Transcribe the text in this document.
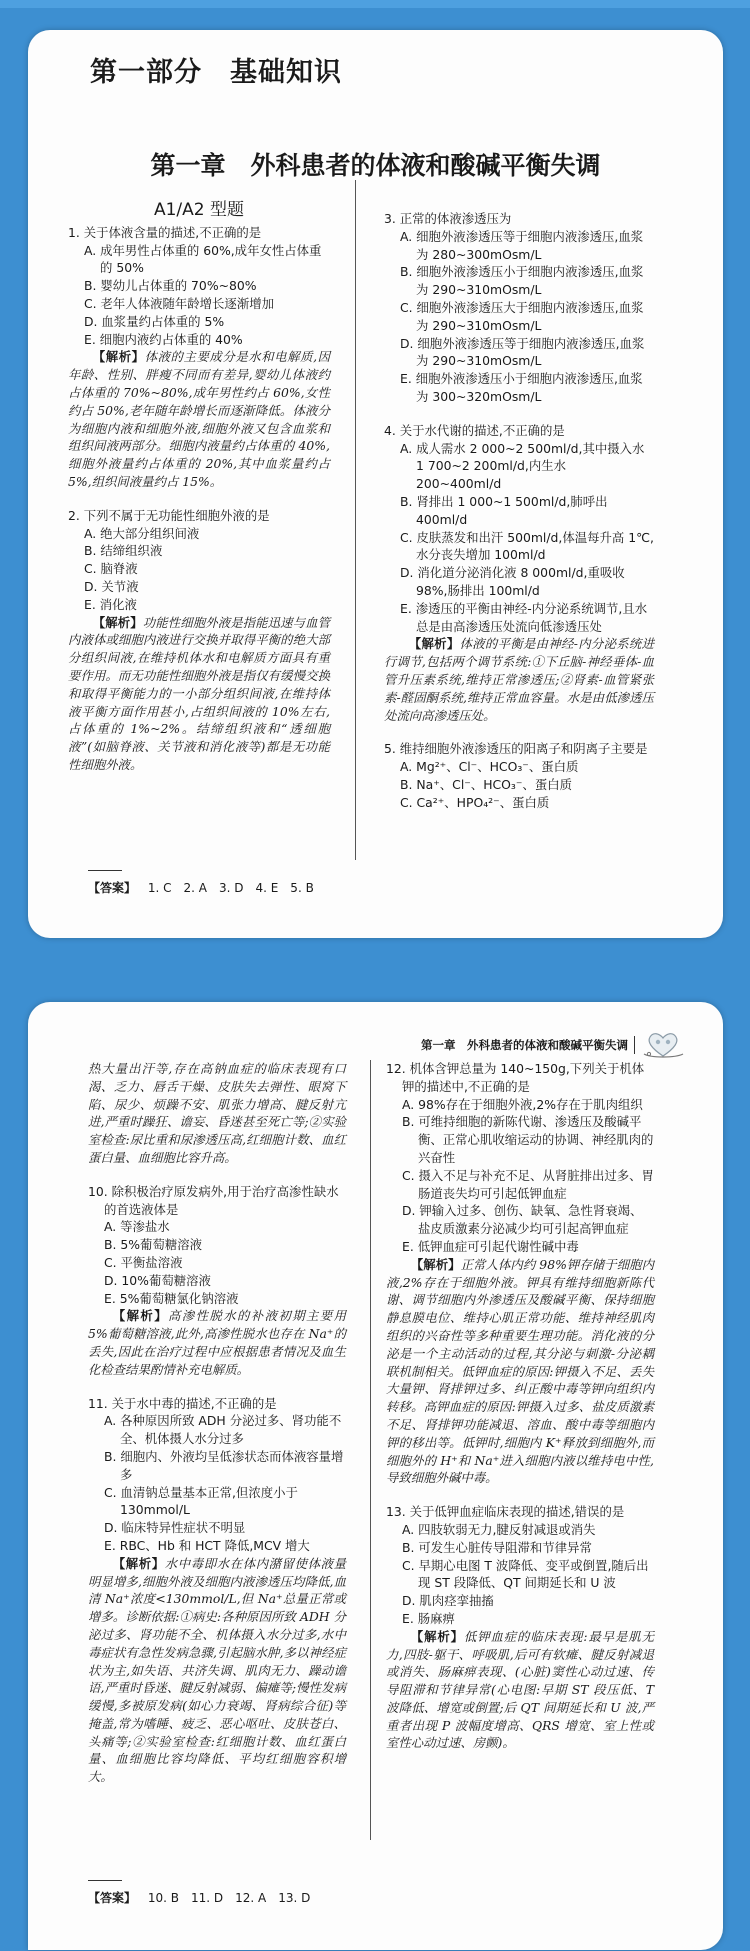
第一部分　基础知识
第一章　外科患者的体液和酸碱平衡失调
A1/A2 型题
1. 关于体液含量的描述,不正确的是
A. 成年男性占体重的 60%,成年女性占体重的 50%
B. 婴幼儿占体重的 70%~80%
C. 老年人体液随年龄增长逐渐增加
D. 血浆量约占体重的 5%
E. 细胞内液约占体重的 40%
【解析】体液的主要成分是水和电解质,因年龄、性别、胖瘦不同而有差异,婴幼儿体液约占体重的 70%~80%,成年男性约占 60%,女性约占 50%,老年随年龄增长而逐渐降低。体液分为细胞内液和细胞外液,细胞外液又包含血浆和组织间液两部分。细胞内液量约占体重的 40%,细胞外液量约占体重的 20%,其中血浆量约占 5%,组织间液量约占 15%。
2. 下列不属于无功能性细胞外液的是
A. 绝大部分组织间液
B. 结缔组织液
C. 脑脊液
D. 关节液
E. 消化液
【解析】功能性细胞外液是指能迅速与血管内液体或细胞内液进行交换并取得平衡的绝大部分组织间液,在维持机体水和电解质方面具有重要作用。而无功能性细胞外液是指仅有缓慢交换和取得平衡能力的一小部分组织间液,在维持体液平衡方面作用甚小,占组织间液的 10%左右,占体重的 1%~2%。结缔组织液和“透细胞液”(如脑脊液、关节液和消化液等)都是无功能性细胞外液。
3. 正常的体液渗透压为
A. 细胞外液渗透压等于细胞内液渗透压,血浆为 280~300mOsm/L
B. 细胞外液渗透压小于细胞内液渗透压,血浆为 290~310mOsm/L
C. 细胞外液渗透压大于细胞内液渗透压,血浆为 290~310mOsm/L
D. 细胞外液渗透压等于细胞内液渗透压,血浆为 290~310mOsm/L
E. 细胞外液渗透压小于细胞内液渗透压,血浆为 300~320mOsm/L
4. 关于水代谢的描述,不正确的是
A. 成人需水 2 000~2 500ml/d,其中摄入水 1 700~2 200ml/d,内生水 200~400ml/d
B. 肾排出 1 000~1 500ml/d,肺呼出 400ml/d
C. 皮肤蒸发和出汗 500ml/d,体温每升高 1℃,水分丧失增加 100ml/d
D. 消化道分泌消化液 8 000ml/d,重吸收 98%,肠排出 100ml/d
E. 渗透压的平衡由神经-内分泌系统调节,且水总是由高渗透压处流向低渗透压处
【解析】体液的平衡是由神经-内分泌系统进行调节,包括两个调节系统:①下丘脑-神经垂体-血管升压素系统,维持正常渗透压;②肾素-血管紧张素-醛固酮系统,维持正常血容量。水是由低渗透压处流向高渗透压处。
5. 维持细胞外液渗透压的阳离子和阴离子主要是
A. Mg²⁺、Cl⁻、HCO₃⁻、蛋白质
B. Na⁺、Cl⁻、HCO₃⁻、蛋白质
C. Ca²⁺、HPO₄²⁻、蛋白质
【答案】 1. C　2. A　3. D　4. E　5. B
第一章　外科患者的体液和酸碱平衡失调
热大量出汗等,存在高钠血症的临床表现有口渴、乏力、唇舌干燥、皮肤失去弹性、眼窝下陷、尿少、烦躁不安、肌张力增高、腱反射亢进,严重时躁狂、谵妄、昏迷甚至死亡等;②实验室检查:尿比重和尿渗透压高,红细胞计数、血红蛋白量、血细胞比容升高。
10. 除积极治疗原发病外,用于治疗高渗性缺水的首选液体是
A. 等渗盐水
B. 5%葡萄糖溶液
C. 平衡盐溶液
D. 10%葡萄糖溶液
E. 5%葡萄糖氯化钠溶液
【解析】高渗性脱水的补液初期主要用 5%葡萄糖溶液,此外,高渗性脱水也存在 Na⁺的丢失,因此在治疗过程中应根据患者情况及血生化检查结果酌情补充电解质。
11. 关于水中毒的描述,不正确的是
A. 各种原因所致 ADH 分泌过多、肾功能不全、机体摄人水分过多
B. 细胞内、外液均呈低渗状态而体液容量增多
C. 血清钠总量基本正常,但浓度小于 130mmol/L
D. 临床特异性症状不明显
E. RBC、Hb 和 HCT 降低,MCV 增大
【解析】水中毒即水在体内潴留使体液量明显增多,细胞外液及细胞内液渗透压均降低,血清 Na⁺浓度<130mmol/L,但 Na⁺总量正常或增多。诊断依据:①病史:各种原因所致 ADH 分泌过多、肾功能不全、机体摄入水分过多,水中毒症状有急性发病急骤,引起脑水肿,多以神经症状为主,如失语、共济失调、肌肉无力、躁动谵语,严重时昏迷、腱反射减弱、偏瘫等;慢性发病缓慢,多被原发病(如心力衰竭、肾病综合征)等掩盖,常为嗜睡、疲乏、恶心呕吐、皮肤苍白、头痛等;②实验室检查:红细胞计数、血红蛋白量、血细胞比容均降低、平均红细胞容积增大。
12. 机体含钾总量为 140~150g,下列关于机体钾的描述中,不正确的是
A. 98%存在于细胞外液,2%存在于肌肉组织
B. 可维持细胞的新陈代谢、渗透压及酸碱平衡、正常心肌收缩运动的协调、神经肌肉的兴奋性
C. 摄入不足与补充不足、从肾脏排出过多、胃肠道丧失均可引起低钾血症
D. 钾输入过多、创伤、缺氧、急性肾衰竭、盐皮质激素分泌减少均可引起高钾血症
E. 低钾血症可引起代谢性碱中毒
【解析】正常人体内约 98%钾存储于细胞内液,2%存在于细胞外液。钾具有维持细胞新陈代谢、调节细胞内外渗透压及酸碱平衡、保持细胞静息膜电位、维持心肌正常功能、维持神经肌肉组织的兴奋性等多种重要生理功能。消化液的分泌是一个主动活动的过程,其分泌与刺激-分泌耦联机制相关。低钾血症的原因:钾摄入不足、丢失大量钾、肾排钾过多、纠正酸中毒等钾向组织内转移。高钾血症的原因:钾摄入过多、盐皮质激素不足、肾排钾功能减退、溶血、酸中毒等细胞内钾的移出等。低钾时,细胞内 K⁺释放到细胞外,而细胞外的 H⁺和 Na⁺进入细胞内液以维持电中性,导致细胞外碱中毒。
13. 关于低钾血症临床表现的描述,错误的是
A. 四肢软弱无力,腱反射减退或消失
B. 可发生心脏传导阻滞和节律异常
C. 早期心电图 T 波降低、变平或倒置,随后出现 ST 段降低、QT 间期延长和 U 波
D. 肌肉痉挛抽搐
E. 肠麻痹
【解析】低钾血症的临床表现:最早是肌无力,四肢-躯干、呼吸肌,后可有软瘫、腱反射减退或消失、肠麻痹表现、(心脏)窦性心动过速、传导阻滞和节律异常(心电图:早期 ST 段压低、T 波降低、增宽或倒置;后 QT 间期延长和 U 波,严重者出现 P 波幅度增高、QRS 增宽、室上性或室性心动过速、房颤)。
【答案】 10. B　11. D　12. A　13. D
